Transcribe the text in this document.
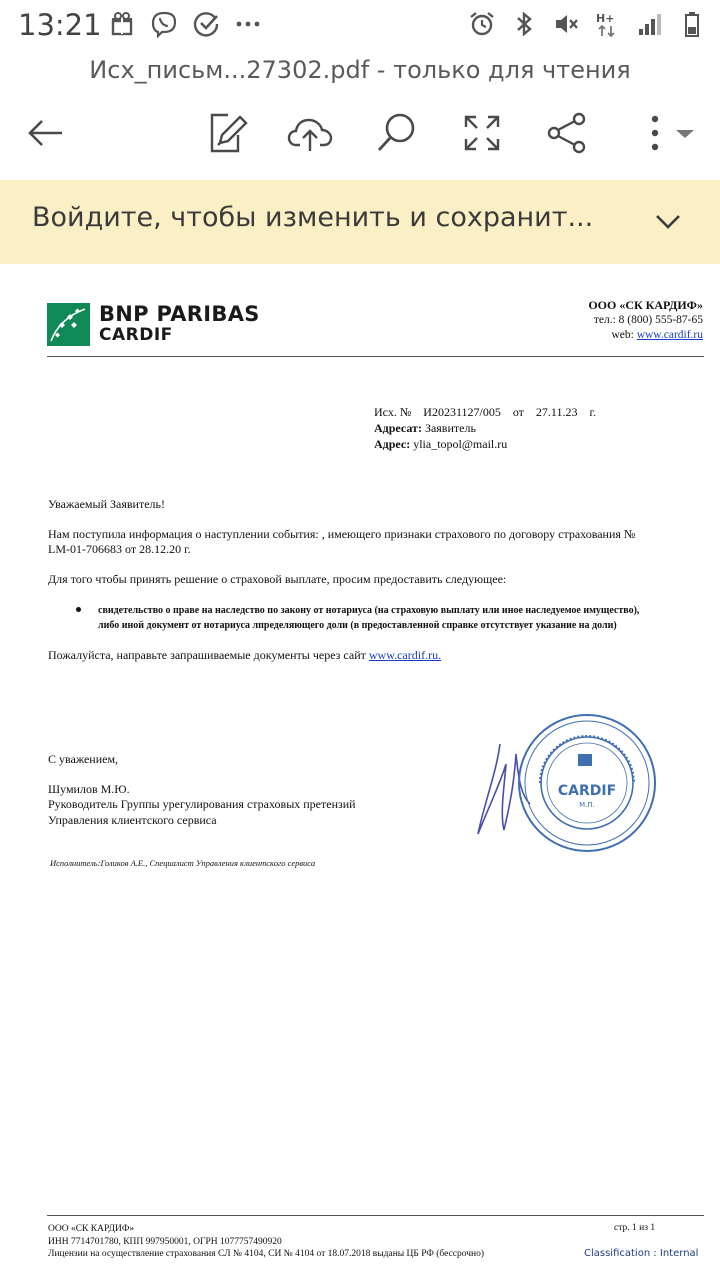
13:21	H+
Исх_письм...27302.pdf - только для чтения
Войдите, чтобы изменить и сохранит...
BNP PARIBAS
CARDIF
ООО «СК КАРДИФ»
тел.: 8 (800) 555-87-65
web: www.cardif.ru
Исх. №    И20231127/005    от    27.11.23    г.
Адресат: Заявитель
Адрес: ylia_topol@mail.ru
Уважаемый Заявитель!
Нам поступила информация о наступлении события: , имеющего признаки страхового по договору страхования №
LM-01-706683 от 28.12.20 г.
Для того чтобы принять решение о страховой выплате, просим предоставить следующее:
свидетельство о праве на наследство по закону от нотариуса (на страховую выплату или иное наследуемое имущество),
либо иной документ от нотариуса лпределяющего доли (в предоставленной справке отсутствует указание на доли)
Пожалуйста, направьте запрашиваемые документы через сайт www.cardif.ru.
С уважением,
Шумилов М.Ю.
Руководитель Группы урегулирования страховых претензий
Управления клиентского сервиса
CARDIF
М.П.
Исполнитель:Голиков А.Е., Специалист Управления клиентского сервиса
ООО «СК КАРДИФ»
ИНН 7714701780, КПП 997950001, ОГРН 1077757490920
Лицензии на осуществление страхования СЛ № 4104, СИ № 4104 от 18.07.2018 выданы ЦБ РФ (бессрочно)
стр. 1 из 1
Classification : Internal
